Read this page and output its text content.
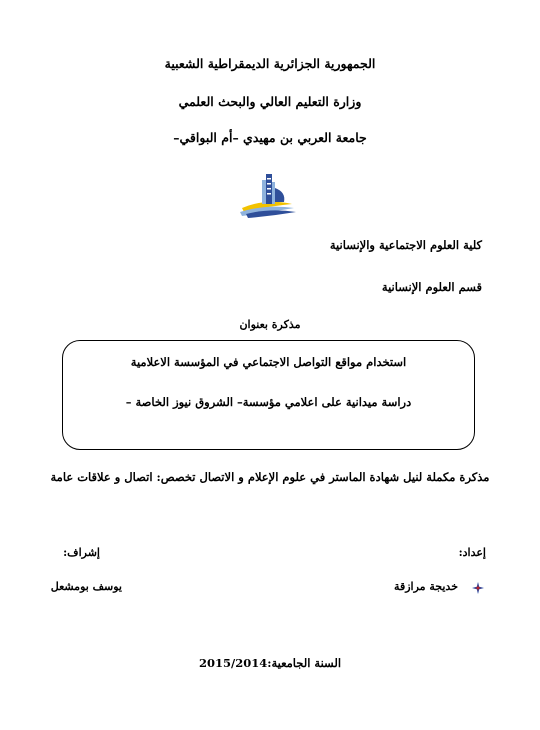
الجمهورية الجزائرية الديمقراطية الشعبية
وزارة التعليم العالي والبحث العلمي
جامعة العربي بن مهيدي –أم البواقي–
كلية العلوم الاجتماعية والإنسانية
قسم العلوم الإنسانية
مذكرة بعنوان
استخدام مواقع التواصل الاجتماعي في المؤسسة الاعلامية
دراسة ميدانية على اعلامي مؤسسة– الشروق نيوز الخاصة –
مذكرة مكملة لنيل شهادة الماستر في علوم الإعلام و الاتصال تخصص: اتصال و علاقات عامة
إعداد:
إشراف:
خديجة مرازقة
يوسف بومشعل
السنة الجامعية:2015/2014
